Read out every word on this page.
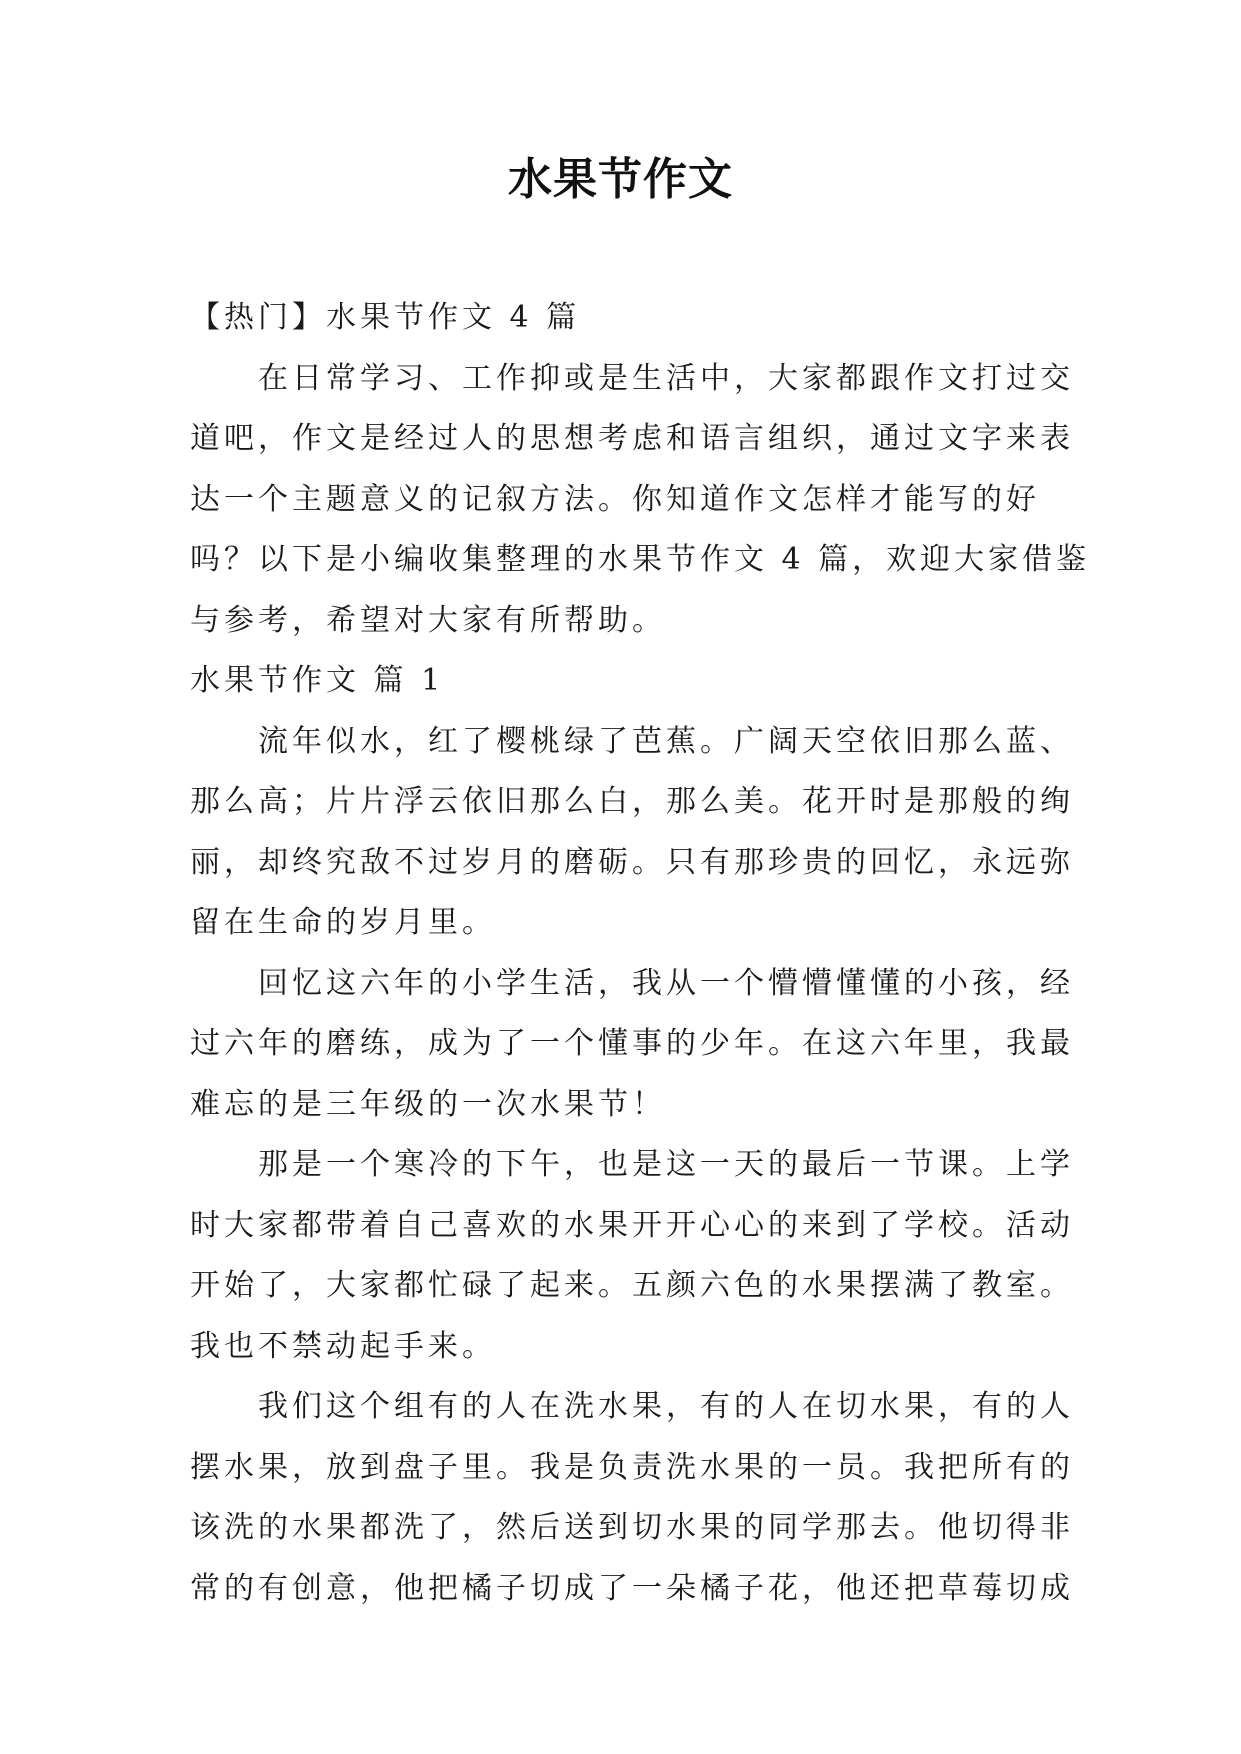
水果节作文
【热门】水果节作文 4 篇
在日常学习、工作抑或是生活中，大家都跟作文打过交
道吧，作文是经过人的思想考虑和语言组织，通过文字来表
达一个主题意义的记叙方法。你知道作文怎样才能写的好
吗？以下是小编收集整理的水果节作文 4 篇，欢迎大家借鉴
与参考，希望对大家有所帮助。
水果节作文 篇 1
流年似水，红了樱桃绿了芭蕉。广阔天空依旧那么蓝、
那么高；片片浮云依旧那么白，那么美。花开时是那般的绚
丽，却终究敌不过岁月的磨砺。只有那珍贵的回忆，永远弥
留在生命的岁月里。
回忆这六年的小学生活，我从一个懵懵懂懂的小孩，经
过六年的磨练，成为了一个懂事的少年。在这六年里，我最
难忘的是三年级的一次水果节！
那是一个寒冷的下午，也是这一天的最后一节课。上学
时大家都带着自己喜欢的水果开开心心的来到了学校。活动
开始了，大家都忙碌了起来。五颜六色的水果摆满了教室。
我也不禁动起手来。
我们这个组有的人在洗水果，有的人在切水果，有的人
摆水果，放到盘子里。我是负责洗水果的一员。我把所有的
该洗的水果都洗了，然后送到切水果的同学那去。他切得非
常的有创意，他把橘子切成了一朵橘子花，他还把草莓切成
